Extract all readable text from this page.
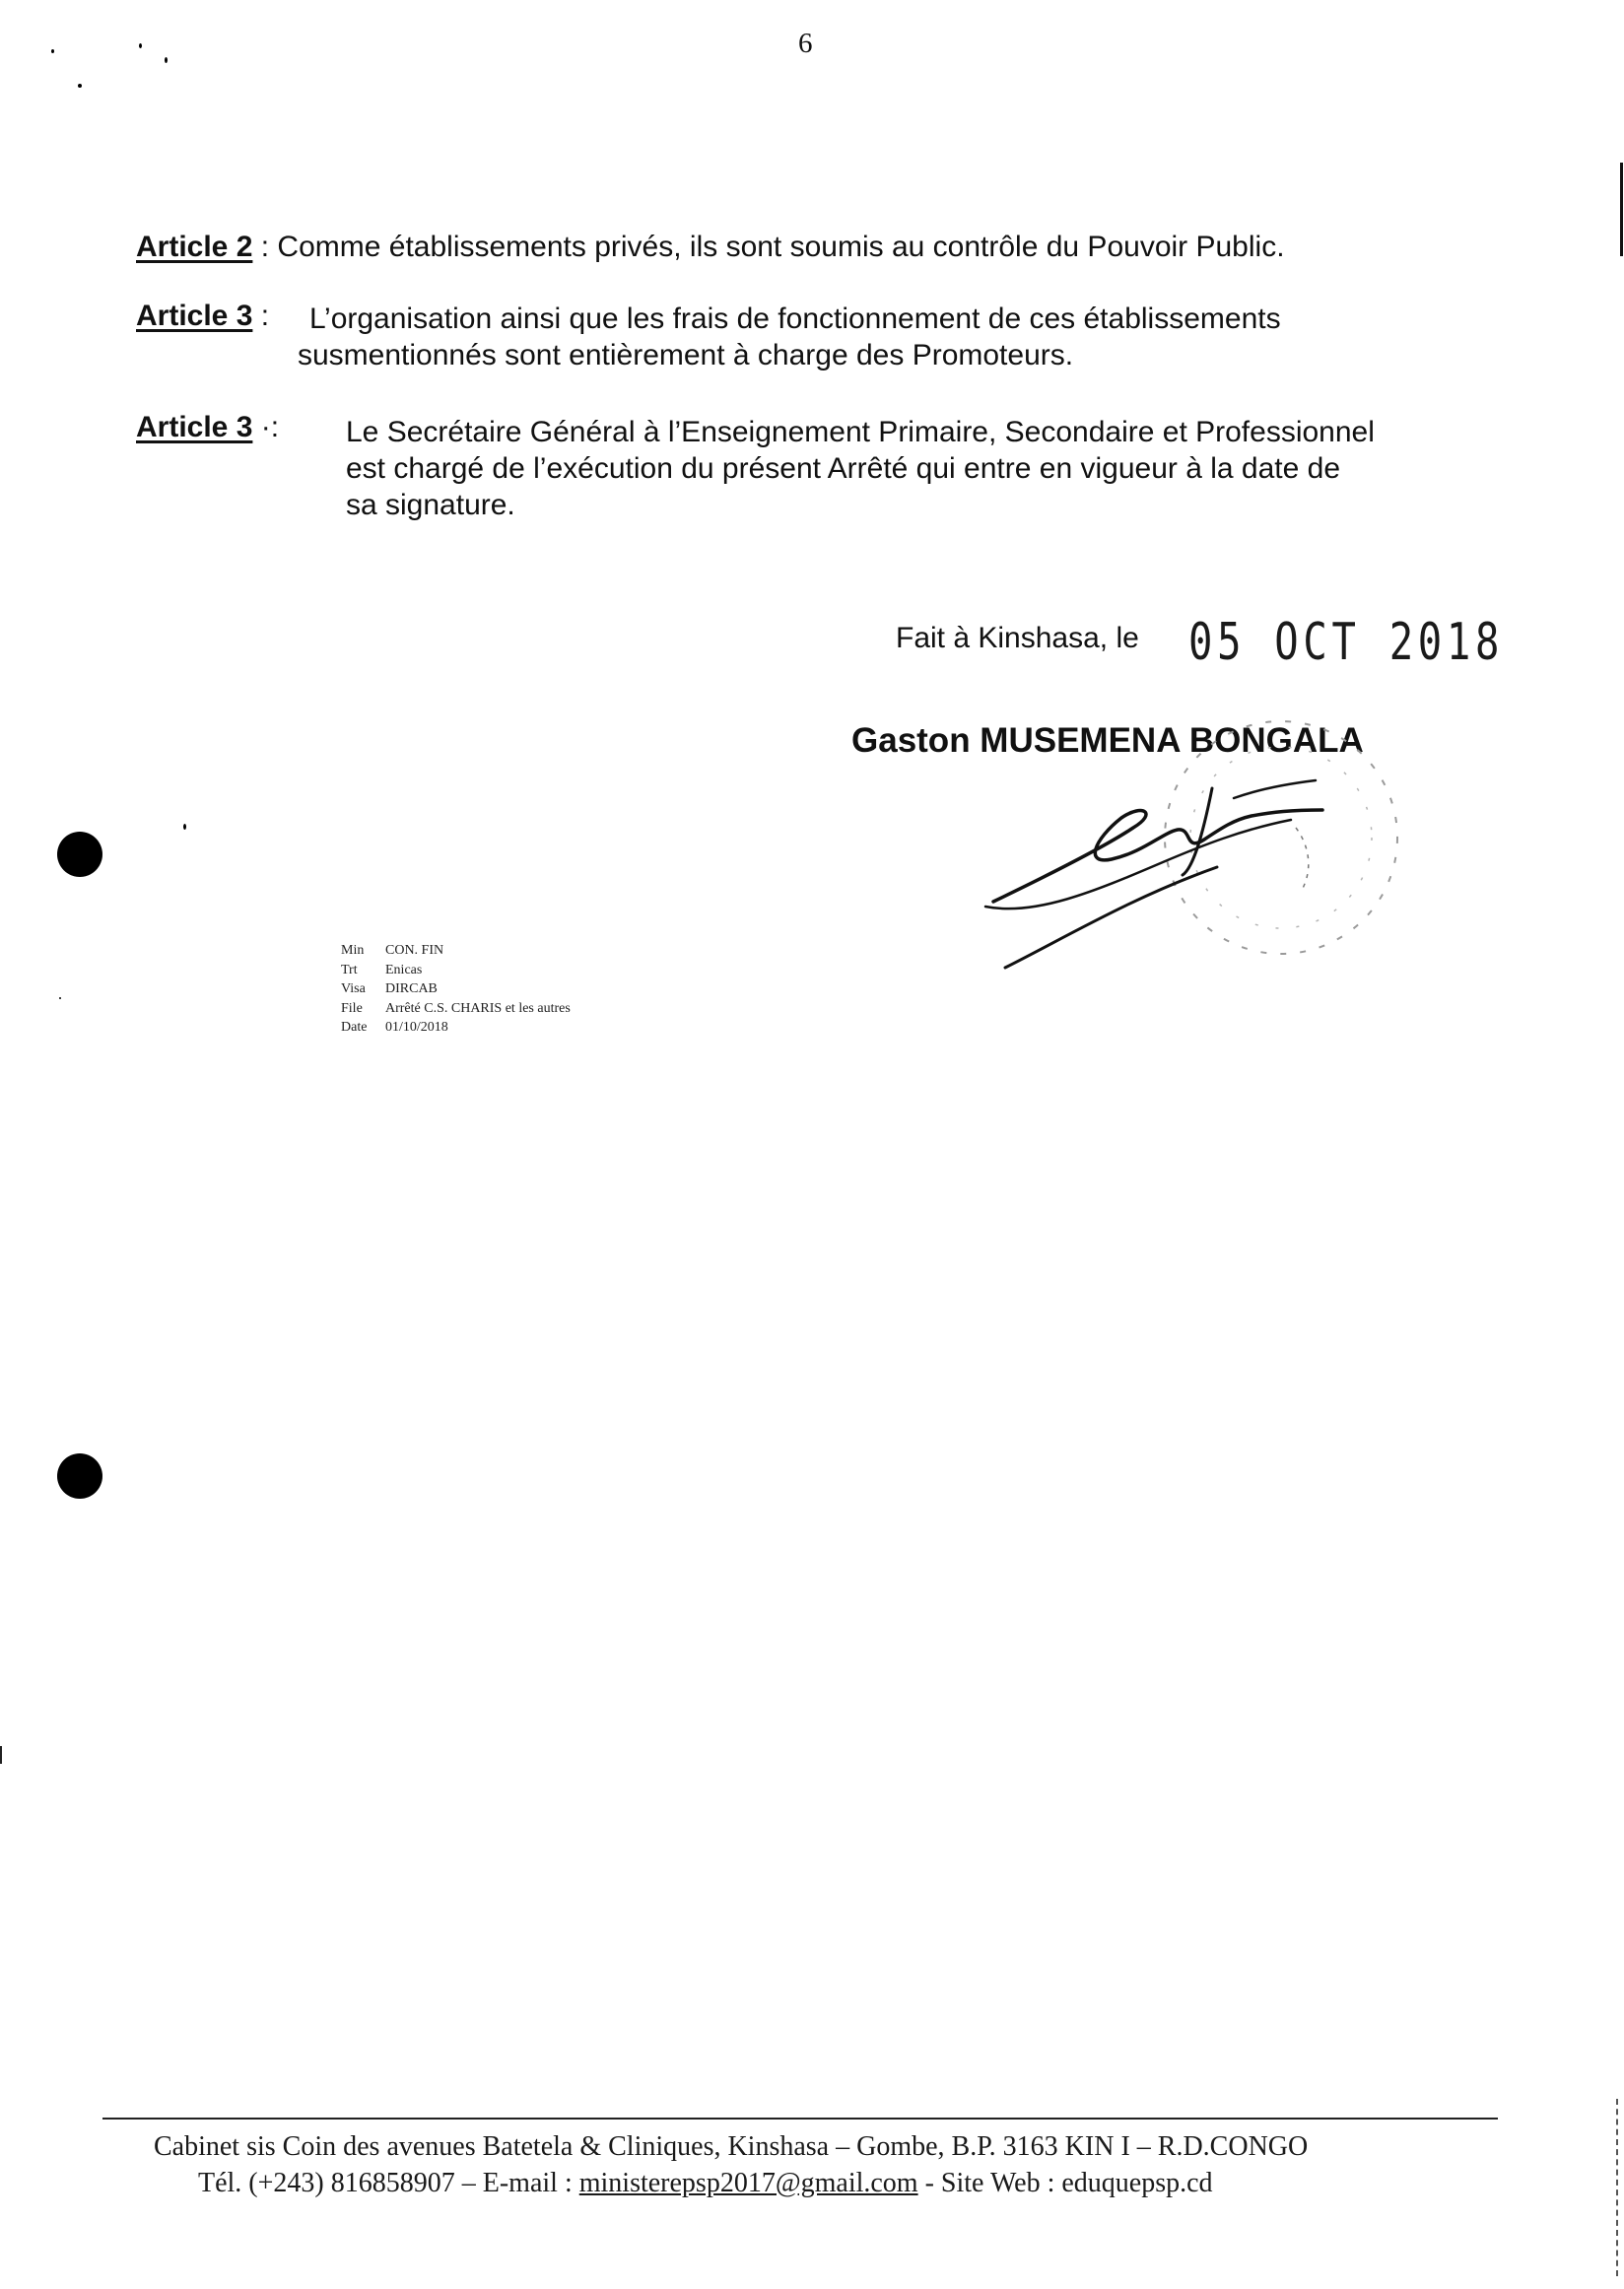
6
Article 2 : Comme établissements privés, ils sont soumis au contrôle du Pouvoir Public.
Article 3 : L’organisation ainsi que les frais de fonctionnement de ces établissements
susmentionnés sont entièrement à charge des Promoteurs.
Article 3 ·: Le Secrétaire Général à l’Enseignement Primaire, Secondaire et Professionnel
est chargé de l’exécution du présent Arrêté qui entre en vigueur à la date de
sa signature.
Fait à Kinshasa, le 05 OCT 2018
Gaston MUSEMENA BONGALA
Min CON. FIN
Trt Enicas
Visa DIRCAB
File Arrêté C.S. CHARIS et les autres
Date 01/10/2018
Cabinet sis Coin des avenues Batetela & Cliniques, Kinshasa – Gombe, B.P. 3163 KIN I – R.D.CONGO
Tél. (+243) 816858907 – E-mail : ministerepsp2017@gmail.com - Site Web : eduquepsp.cd
